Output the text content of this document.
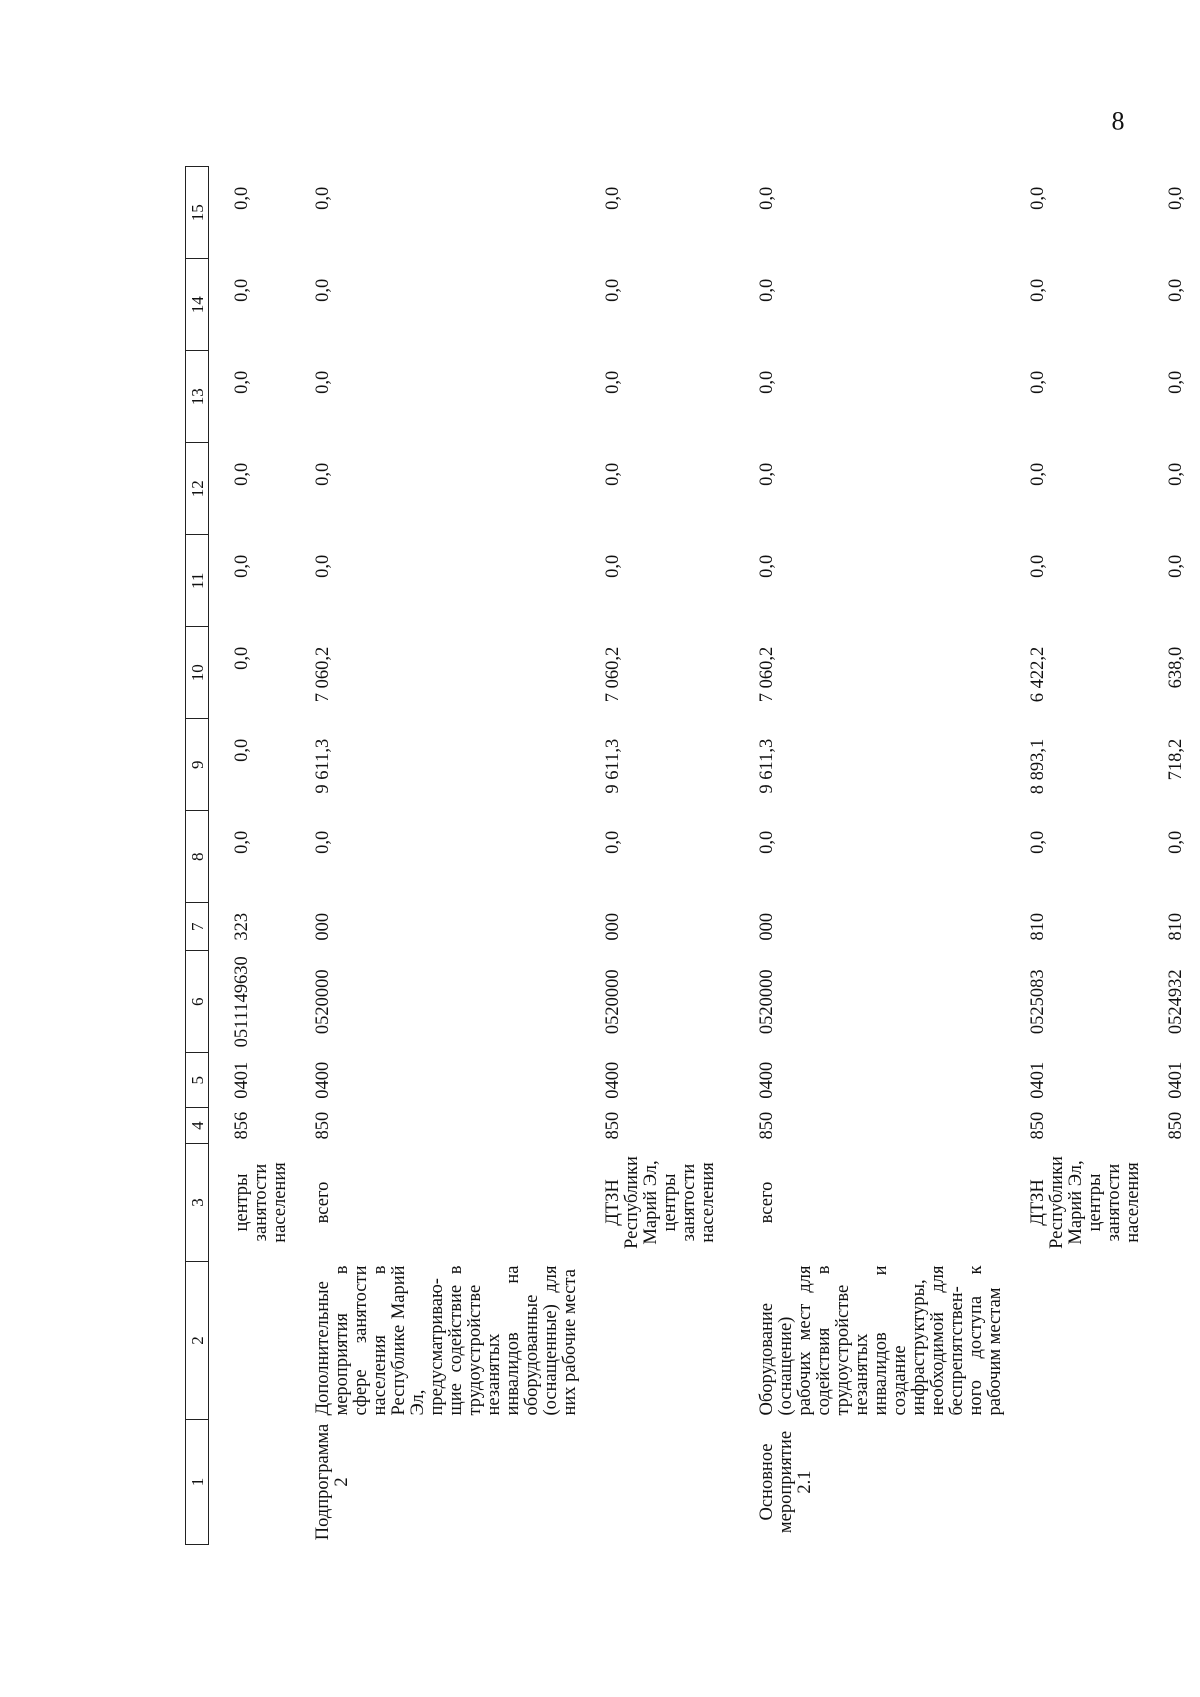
1	2	3	4	5	6	7	8	9	10	11	12	13	14	15

		центры занятости населения	856	0401	0511149630	323	0,0	0,0	0,0	0,0	0,0	0,0	0,0	0,0

Подпрограмма 2	Дополнительные мероприятия в сфере занятости населения в Республике Марий Эл, предусматриваю-щие содействие в трудоустройстве незанятых инвалидов на оборудованные (оснащенные) для них рабочие места	всего	850	0400	0520000	000	0,0	9 611,3	7 060,2	0,0	0,0	0,0	0,0	0,0

		ДТЗН Республики Марий Эл, центры занятости населения	850	0400	0520000	000	0,0	9 611,3	7 060,2	0,0	0,0	0,0	0,0	0,0

Основное мероприятие 2.1	Оборудование (оснащение) рабочих мест для содействия в трудоустройстве незанятых инвалидов и создание инфраструктуры, необходимой для беспрепятствен-ного доступа к рабочим местам	всего	850	0400	0520000	000	0,0	9 611,3	7 060,2	0,0	0,0	0,0	0,0	0,0

		ДТЗН Республики Марий Эл, центры занятости населения	850	0401	0525083	810	0,0	8 893,1	6 422,2	0,0	0,0	0,0	0,0	0,0

			850	0401	0524932	810	0,0	718,2	638,0	0,0	0,0	0,0	0,0	0,0
8
